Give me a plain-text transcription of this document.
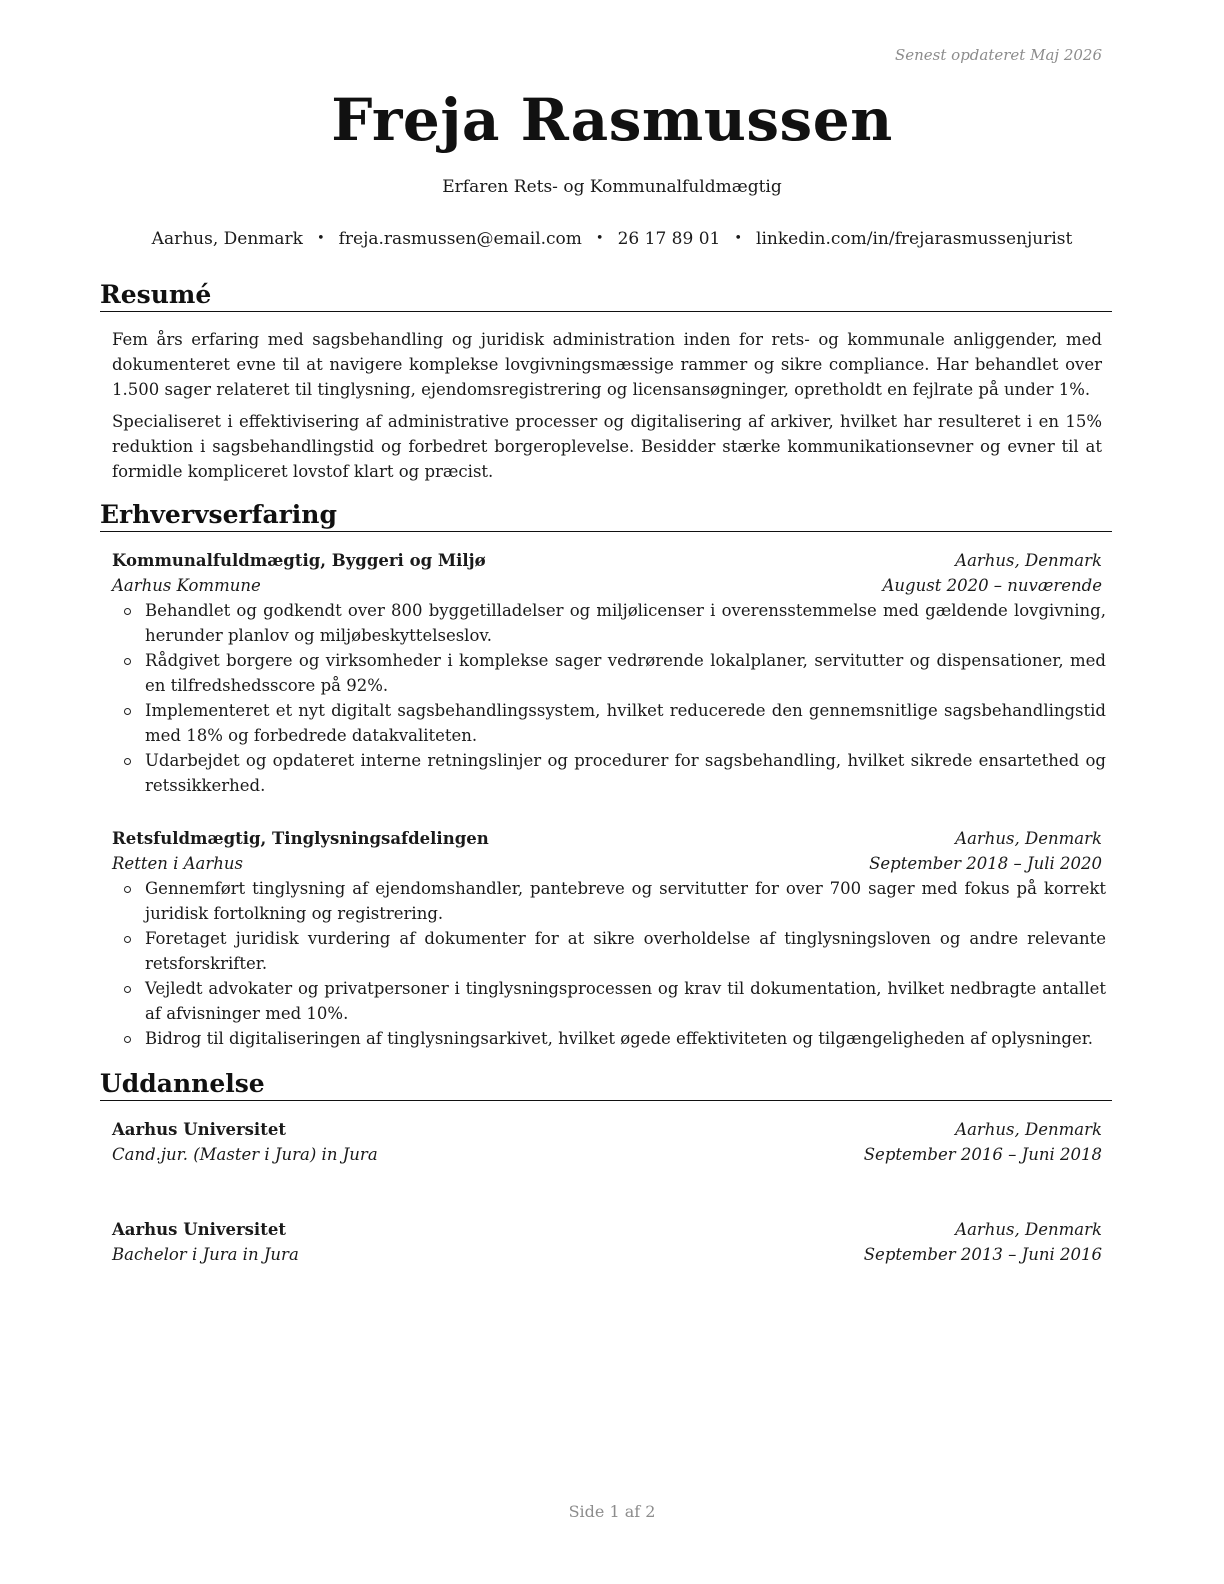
Senest opdateret Maj 2026
Freja Rasmussen
Erfaren Rets- og Kommunalfuldmægtig
Aarhus, Denmark • freja.rasmussen@email.com • 26 17 89 01 • linkedin.com/in/frejarasmussenjurist
Resumé
Fem års erfaring med sagsbehandling og juridisk administration inden for rets- og kommunale anliggender, med dokumenteret evne til at navigere komplekse lovgivningsmæssige rammer og sikre compliance. Har behandlet over 1.500 sager relateret til tinglysning, ejendomsregistrering og licensansøgninger, opretholdt en fejlrate på under 1%.
Specialiseret i effektivisering af administrative processer og digitalisering af arkiver, hvilket har resulteret i en 15% reduktion i sagsbehandlingstid og forbedret borgeroplevelse. Besidder stærke kommunikationsevner og evner til at formidle kompliceret lovstof klart og præcist.
Erhvervserfaring
Kommunalfuldmægtig, Byggeri og Miljø	Aarhus, Denmark
Aarhus Kommune	August 2020 – nuværende
Behandlet og godkendt over 800 byggetilladelser og miljølicenser i overensstemmelse med gældende lovgivning, herunder planlov og miljøbeskyttelseslov.
Rådgivet borgere og virksomheder i komplekse sager vedrørende lokalplaner, servitutter og dispensationer, med en tilfredshedsscore på 92%.
Implementeret et nyt digitalt sagsbehandlingssystem, hvilket reducerede den gennemsnitlige sagsbehandlingstid med 18% og forbedrede datakvaliteten.
Udarbejdet og opdateret interne retningslinjer og procedurer for sagsbehandling, hvilket sikrede ensartethed og retssikkerhed.
Retsfuldmægtig, Tinglysningsafdelingen	Aarhus, Denmark
Retten i Aarhus	September 2018 – Juli 2020
Gennemført tinglysning af ejendomshandler, pantebreve og servitutter for over 700 sager med fokus på korrekt juridisk fortolkning og registrering.
Foretaget juridisk vurdering af dokumenter for at sikre overholdelse af tinglysningsloven og andre relevante retsforskrifter.
Vejledt advokater og privatpersoner i tinglysningsprocessen og krav til dokumentation, hvilket nedbragte antallet af afvisninger med 10%.
Bidrog til digitaliseringen af tinglysningsarkivet, hvilket øgede effektiviteten og tilgængeligheden af oplysninger.
Uddannelse
Aarhus Universitet	Aarhus, Denmark
Cand.jur. (Master i Jura) in Jura	September 2016 – Juni 2018
Aarhus Universitet	Aarhus, Denmark
Bachelor i Jura in Jura	September 2013 – Juni 2016
Side 1 af 2
